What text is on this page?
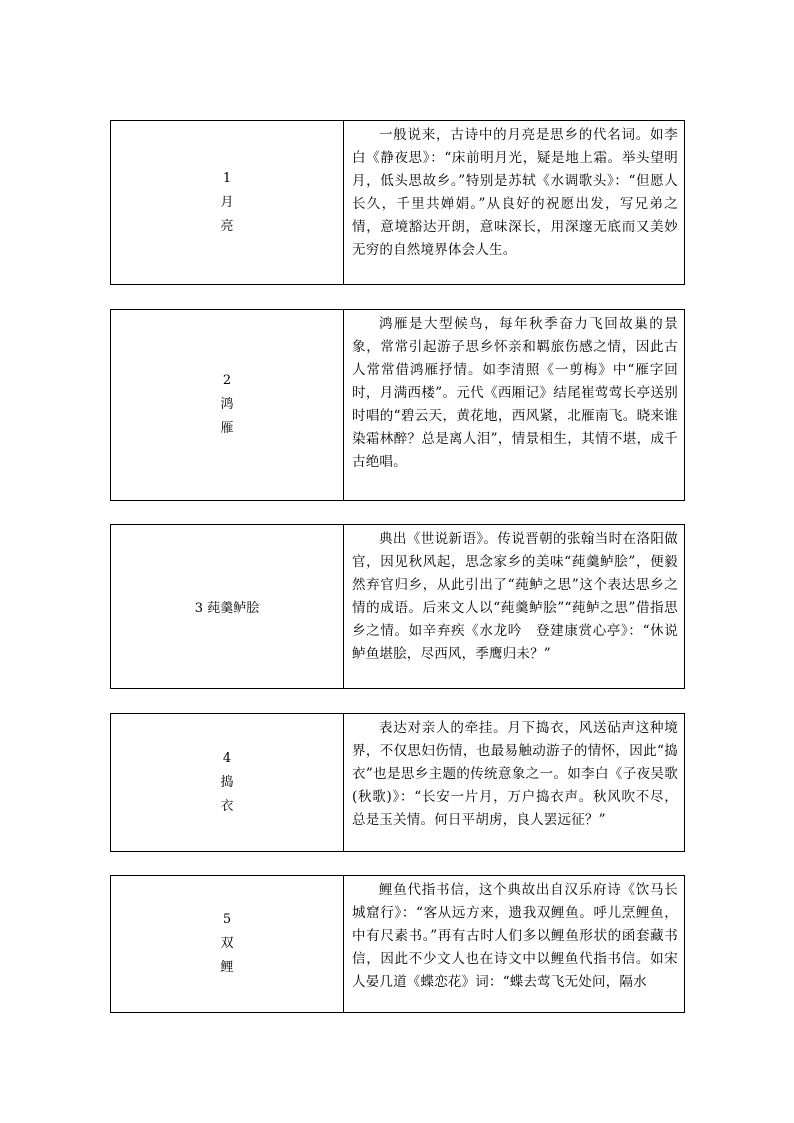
1
月
亮

一般说来，古诗中的月亮是思乡的代名词。如李白《静夜思》：“床前明月光，疑是地上霜。举头望明月，低头思故乡。”特别是苏轼《水调歌头》：“但愿人长久，千里共婵娟。”从良好的祝愿出发，写兄弟之情，意境豁达开朗，意味深长，用深邃无底而又美妙无穷的自然境界体会人生。

2
鸿
雁

鸿雁是大型候鸟，每年秋季奋力飞回故巢的景象，常常引起游子思乡怀亲和羁旅伤感之情，因此古人常常借鸿雁抒情。如李清照《一剪梅》中“雁字回时，月满西楼”。元代《西厢记》结尾崔莺莺长亭送别时唱的“碧云天，黄花地，西风紧，北雁南飞。晓来谁染霜林醉？总是离人泪”，情景相生，其情不堪，成千古绝唱。

3 莼羹鲈脍

典出《世说新语》。传说晋朝的张翰当时在洛阳做官，因见秋风起，思念家乡的美味“莼羹鲈脍”，便毅然弃官归乡，从此引出了“莼鲈之思”这个表达思乡之情的成语。后来文人以“莼羹鲈脍”“莼鲈之思”借指思乡之情。如辛弃疾《水龙吟　登建康赏心亭》：“休说鲈鱼堪脍，尽西风，季鹰归未？”

4
捣
衣

表达对亲人的牵挂。月下捣衣，风送砧声这种境界，不仅思妇伤情，也最易触动游子的情怀，因此“捣衣”也是思乡主题的传统意象之一。如李白《子夜吴歌(秋歌)》：“长安一片月，万户捣衣声。秋风吹不尽，总是玉关情。何日平胡虏，良人罢远征？”

5
双
鲤

鲤鱼代指书信，这个典故出自汉乐府诗《饮马长城窟行》：“客从远方来，遗我双鲤鱼。呼儿烹鲤鱼，中有尺素书。”再有古时人们多以鲤鱼形状的函套藏书信，因此不少文人也在诗文中以鲤鱼代指书信。如宋人晏几道《蝶恋花》词：“蝶去莺飞无处问，隔水
